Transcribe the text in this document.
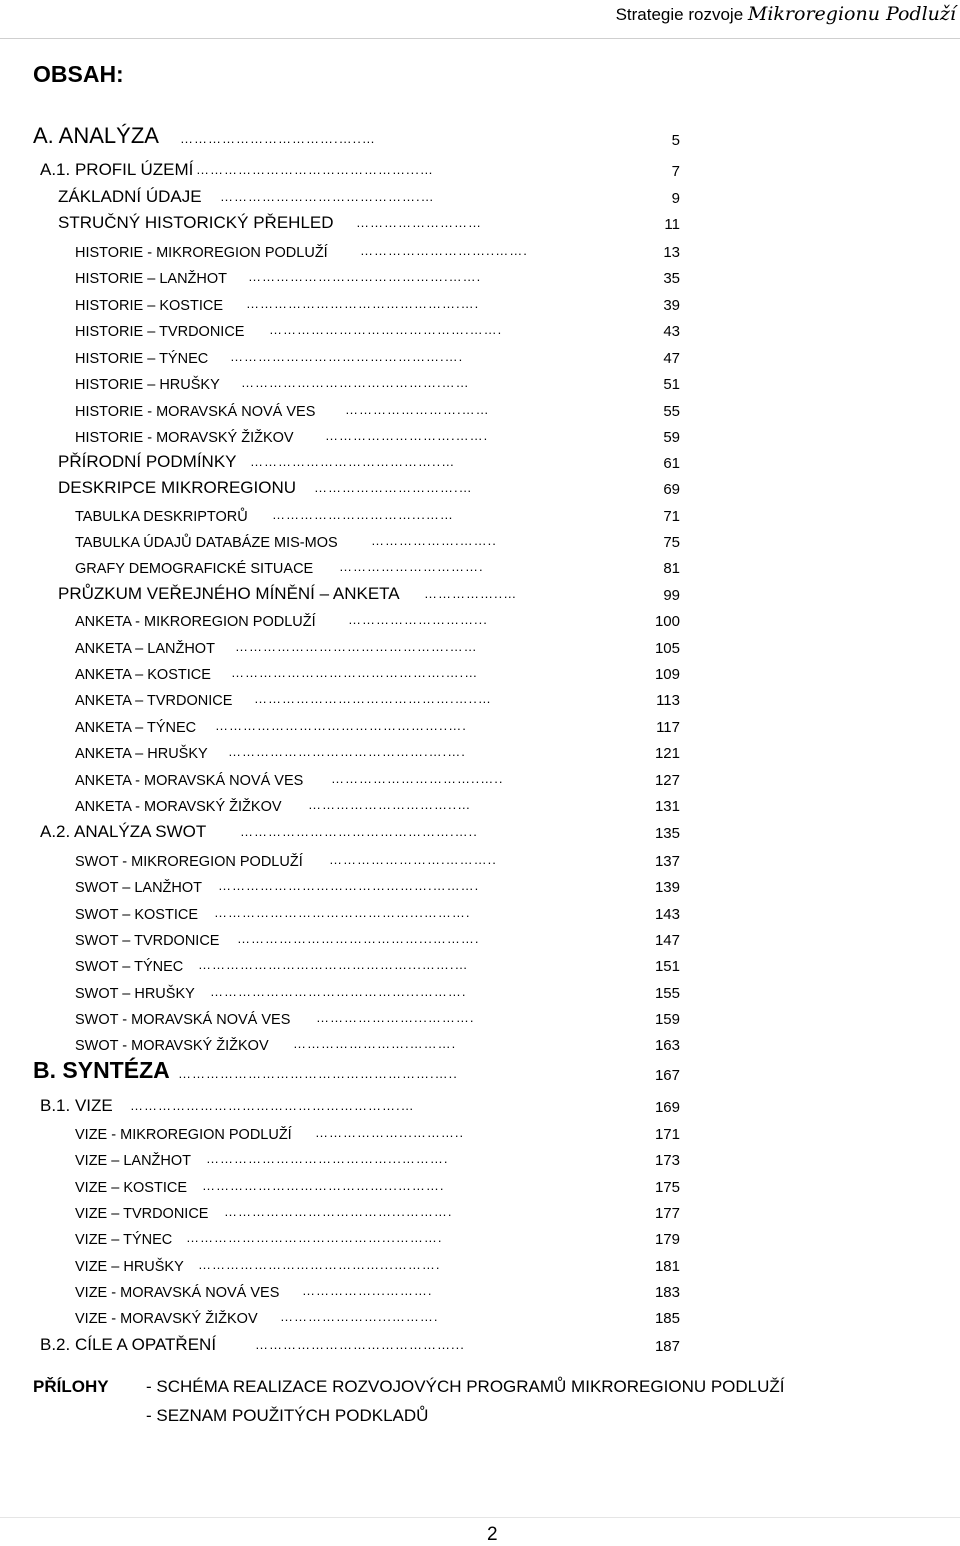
Strategie rozvoje Mikroregionu Podluží
OBSAH:
A. ANALÝZA …………………………….…..…	5
A.1. PROFIL ÚZEMÍ ………………………………………...…	7
ZÁKLADNÍ ÚDAJE …………………………………….…	9
STRUČNÝ HISTORICKÝ PŘEHLED ………………………	11
HISTORIE - MIKROREGION PODLUŽÍ ………………………..…….	13
HISTORIE – LANŽHOT …………………………………….…….	35
HISTORIE – KOSTICE ……………………………………….….	39
HISTORIE – TVRDONICE …………………………………….…….	43
HISTORIE – TÝNEC ……………………………………….….	47
HISTORIE – HRUŠKY …………………………………….……	51
HISTORIE - MORAVSKÁ NOVÁ VES …………………….……	55
HISTORIE - MORAVSKÝ ŽIŽKOV ……………………….…….	59
PŘÍRODNÍ PODMÍNKY …………………………………..…	61
DESKRIPCE MIKROREGIONU ………………………….…	69
TABULKA DESKRIPTORŮ …………………………...……	71
TABULKA ÚDAJŮ DATABÁZE MIS-MOS	……………….……..	75
GRAFY DEMOGRAFICKÉ SITUACE ………………………….	81
PRŮZKUM VEŘEJNÉHO MÍNĚNÍ – ANKETA ……………..…	99
ANKETA - MIKROREGION PODLUŽÍ ………………………...	100
ANKETA – LANŽHOT ……………………………………….……	105
ANKETA – KOSTICE ……………………………………….….…	109
ANKETA – TVRDONICE …………………………………….…..…	113
ANKETA – TÝNEC …………………………………………..….	117
ANKETA – HRUŠKY …………………………………….….….	121
ANKETA - MORAVSKÁ NOVÁ VES …………………………..…..	127
ANKETA - MORAVSKÝ ŽIŽKOV …………………………..…	131
A.2. ANALÝZA SWOT	……………………………………….…..	135
SWOT - MIKROREGION PODLUŽÍ …………………….………..	137
SWOT – LANŽHOT ……………………………………….……….	139
SWOT – KOSTICE ……………………………………...……….	143
SWOT – TVRDONICE …………………………………...……….	147
SWOT – TÝNEC ………………………………………...…….…	151
SWOT – HRUŠKY ……………………………………...……….	155
SWOT - MORAVSKÁ NOVÁ VES …………………...……….	159
SWOT - MORAVSKÝ ŽIŽKOV …………………….……….	163
B. SYNTÉZA ……………………………………………….…..	167
B.1. VIZE ………………………………………………….…	169
VIZE - MIKROREGION PODLUŽÍ ………………...………..	171
VIZE – LANŽHOT …………………………………...……….	173
VIZE – KOSTICE …………………………………...……….	175
VIZE – TVRDONICE ………………………………...……….	177
VIZE – TÝNEC ……………………………………...……….	179
VIZE – HRUŠKY …………………………………...……….	181
VIZE - MORAVSKÁ NOVÁ VES ……………...……….	183
VIZE - MORAVSKÝ ŽIŽKOV …………………...……….	185
B.2. CÍLE A OPATŘENÍ	……………………………………...	187
PŘÍLOHY - SCHÉMA REALIZACE ROZVOJOVÝCH PROGRAMŮ MIKROREGIONU PODLUŽÍ
- SEZNAM POUŽITÝCH PODKLADŮ
2
